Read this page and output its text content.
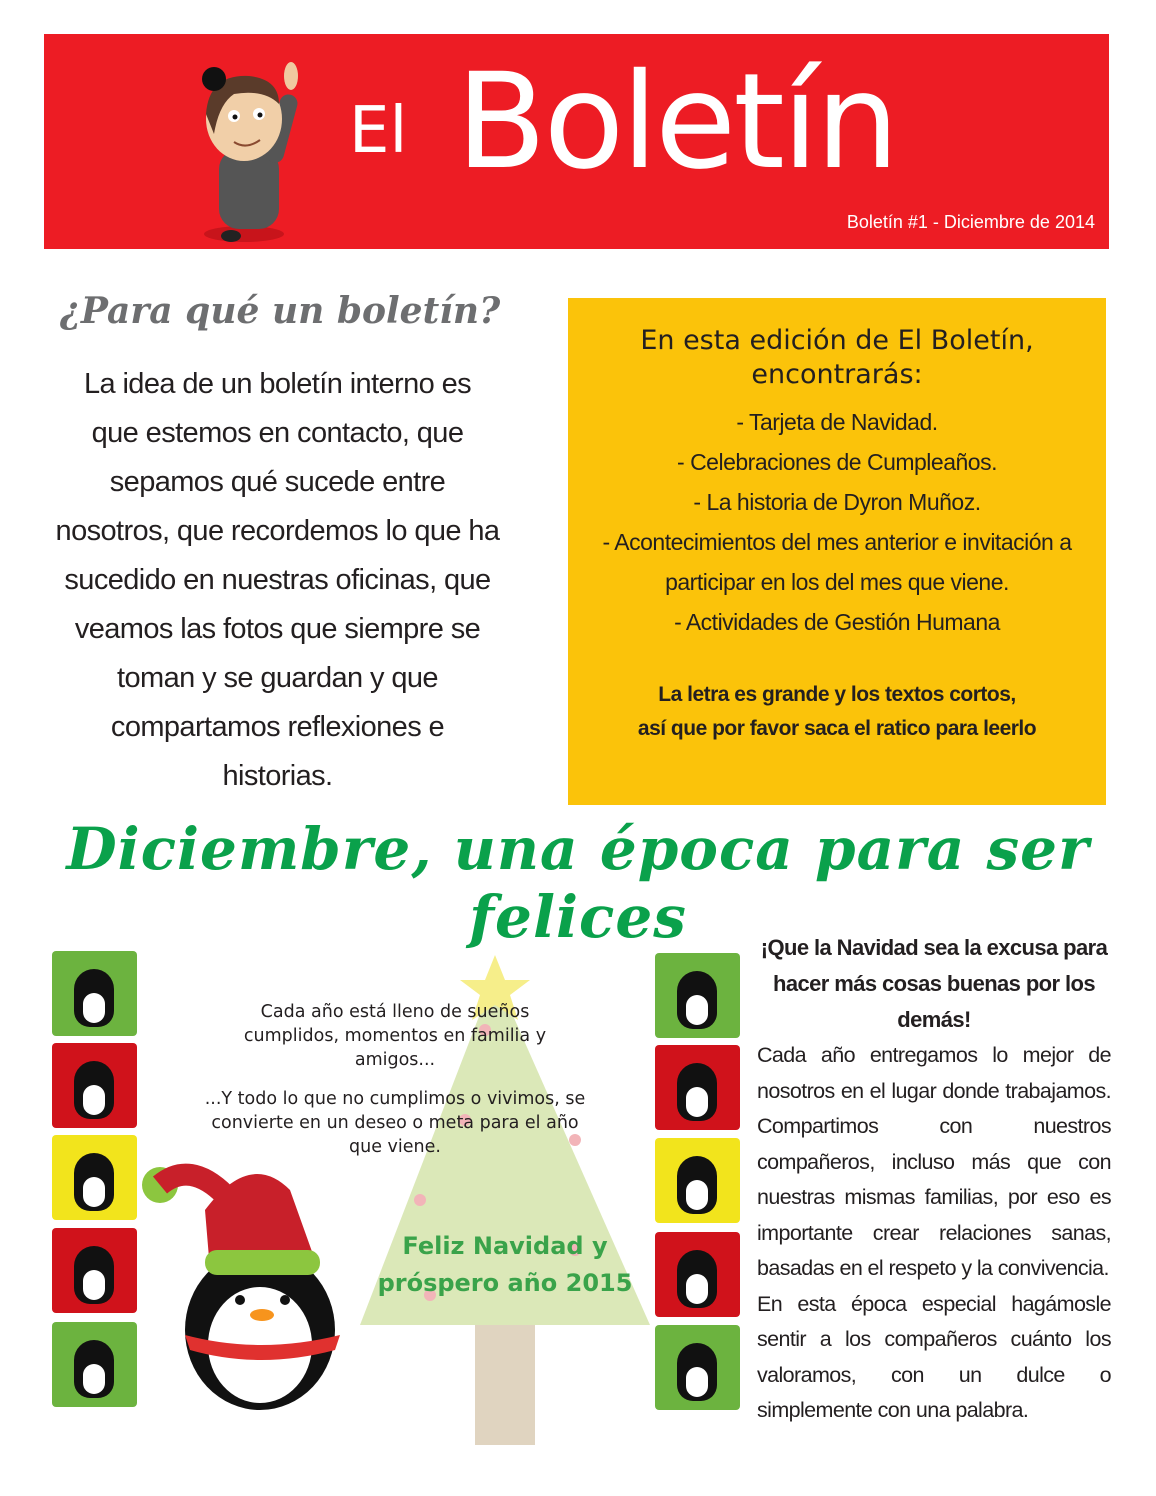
El Boletín
Boletín #1 - Diciembre de 2014
¿Para qué un boletín?
La idea de un boletín interno es
que estemos en contacto, que
sepamos qué sucede entre
nosotros, que recordemos lo que ha
sucedido en nuestras oficinas, que
veamos las fotos que siempre se
toman y se guardan y que
compartamos reflexiones e
historias.
En esta edición de El Boletín, encontrarás:
- Tarjeta de Navidad.
- Celebraciones de Cumpleaños.
- La historia de Dyron Muñoz.
- Acontecimientos del mes anterior e invitación a participar en los del mes que viene.
- Actividades de Gestión Humana
La letra es grande y los textos cortos,
así que por favor saca el ratico para leerlo
Diciembre, una época para ser felices
Cada año está lleno de sueños cumplidos, momentos en familia y amigos...
...Y todo lo que no cumplimos o vivimos, se convierte en un deseo o meta para el año que viene.
Feliz Navidad y próspero año 2015
¡Que la Navidad sea la excusa para hacer más cosas buenas por los demás!

Cada año entregamos lo mejor de nosotros en el lugar donde trabajamos. Compartimos con nuestros compañeros, incluso más que con nuestras mismas familias, por eso es importante crear relaciones sanas, basadas en el respeto y la convivencia.

En esta época especial hagámosle sentir a los compañeros cuánto los valoramos, con un dulce o simplemente con una palabra.
